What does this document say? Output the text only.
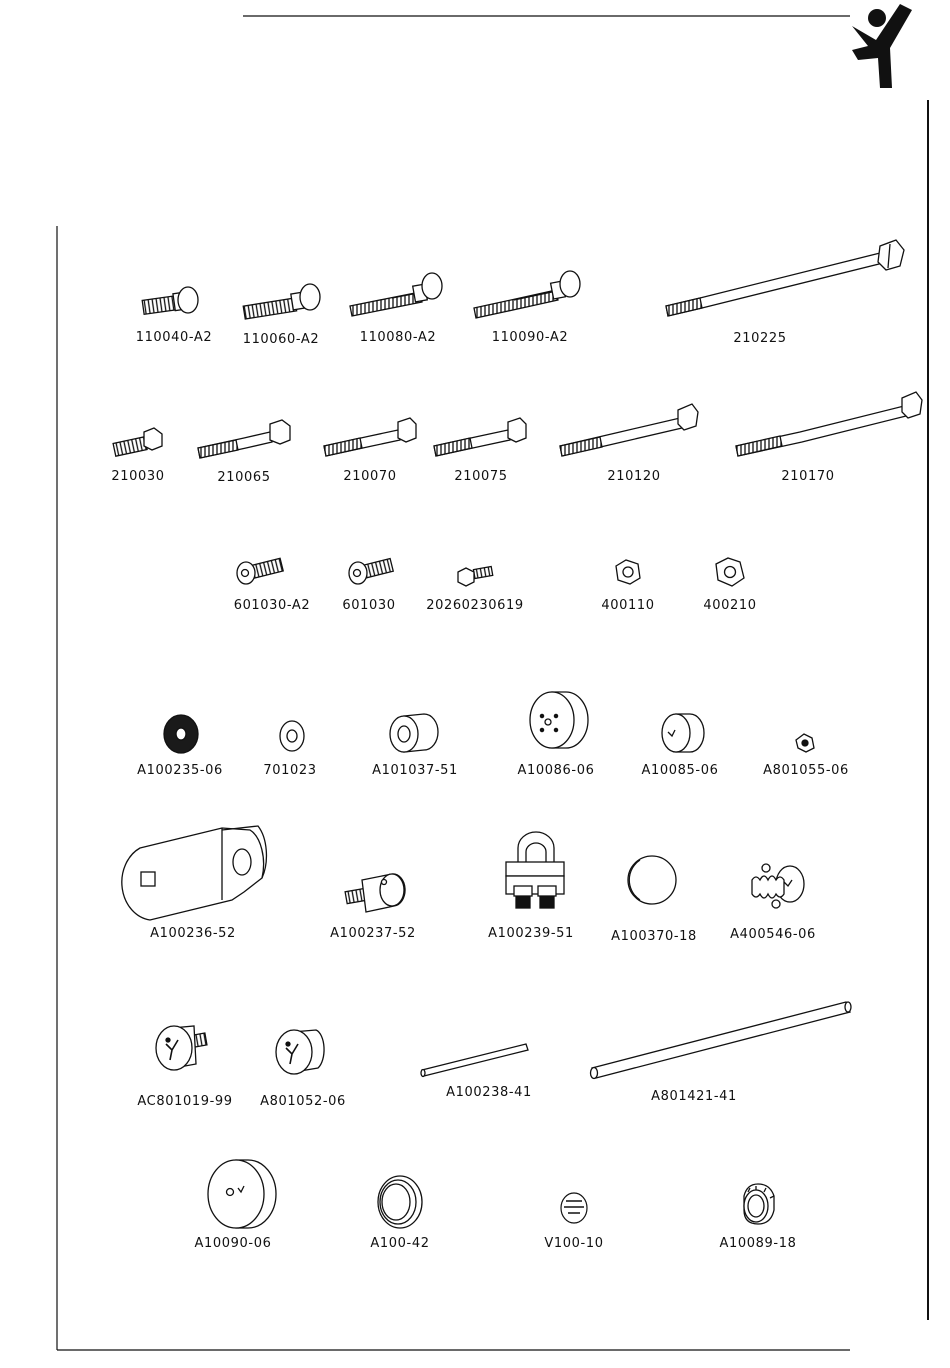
110040-A2 110060-A2	110080-A2	110090-A2	210225
210030	210065	210070	210075	210120	210170
601030-A2 601030 20260230619	400110	400210
A100235-06	701023	A101037-51	A10086-06	A10085-06	A801055-06
A100236-52	A100237-52	A100239-51	A100370-18	A400546-06
AC801019-99 A801052-06
A100238-41	A801421-41
A10090-06	A100-42	V100-10	A10089-18
